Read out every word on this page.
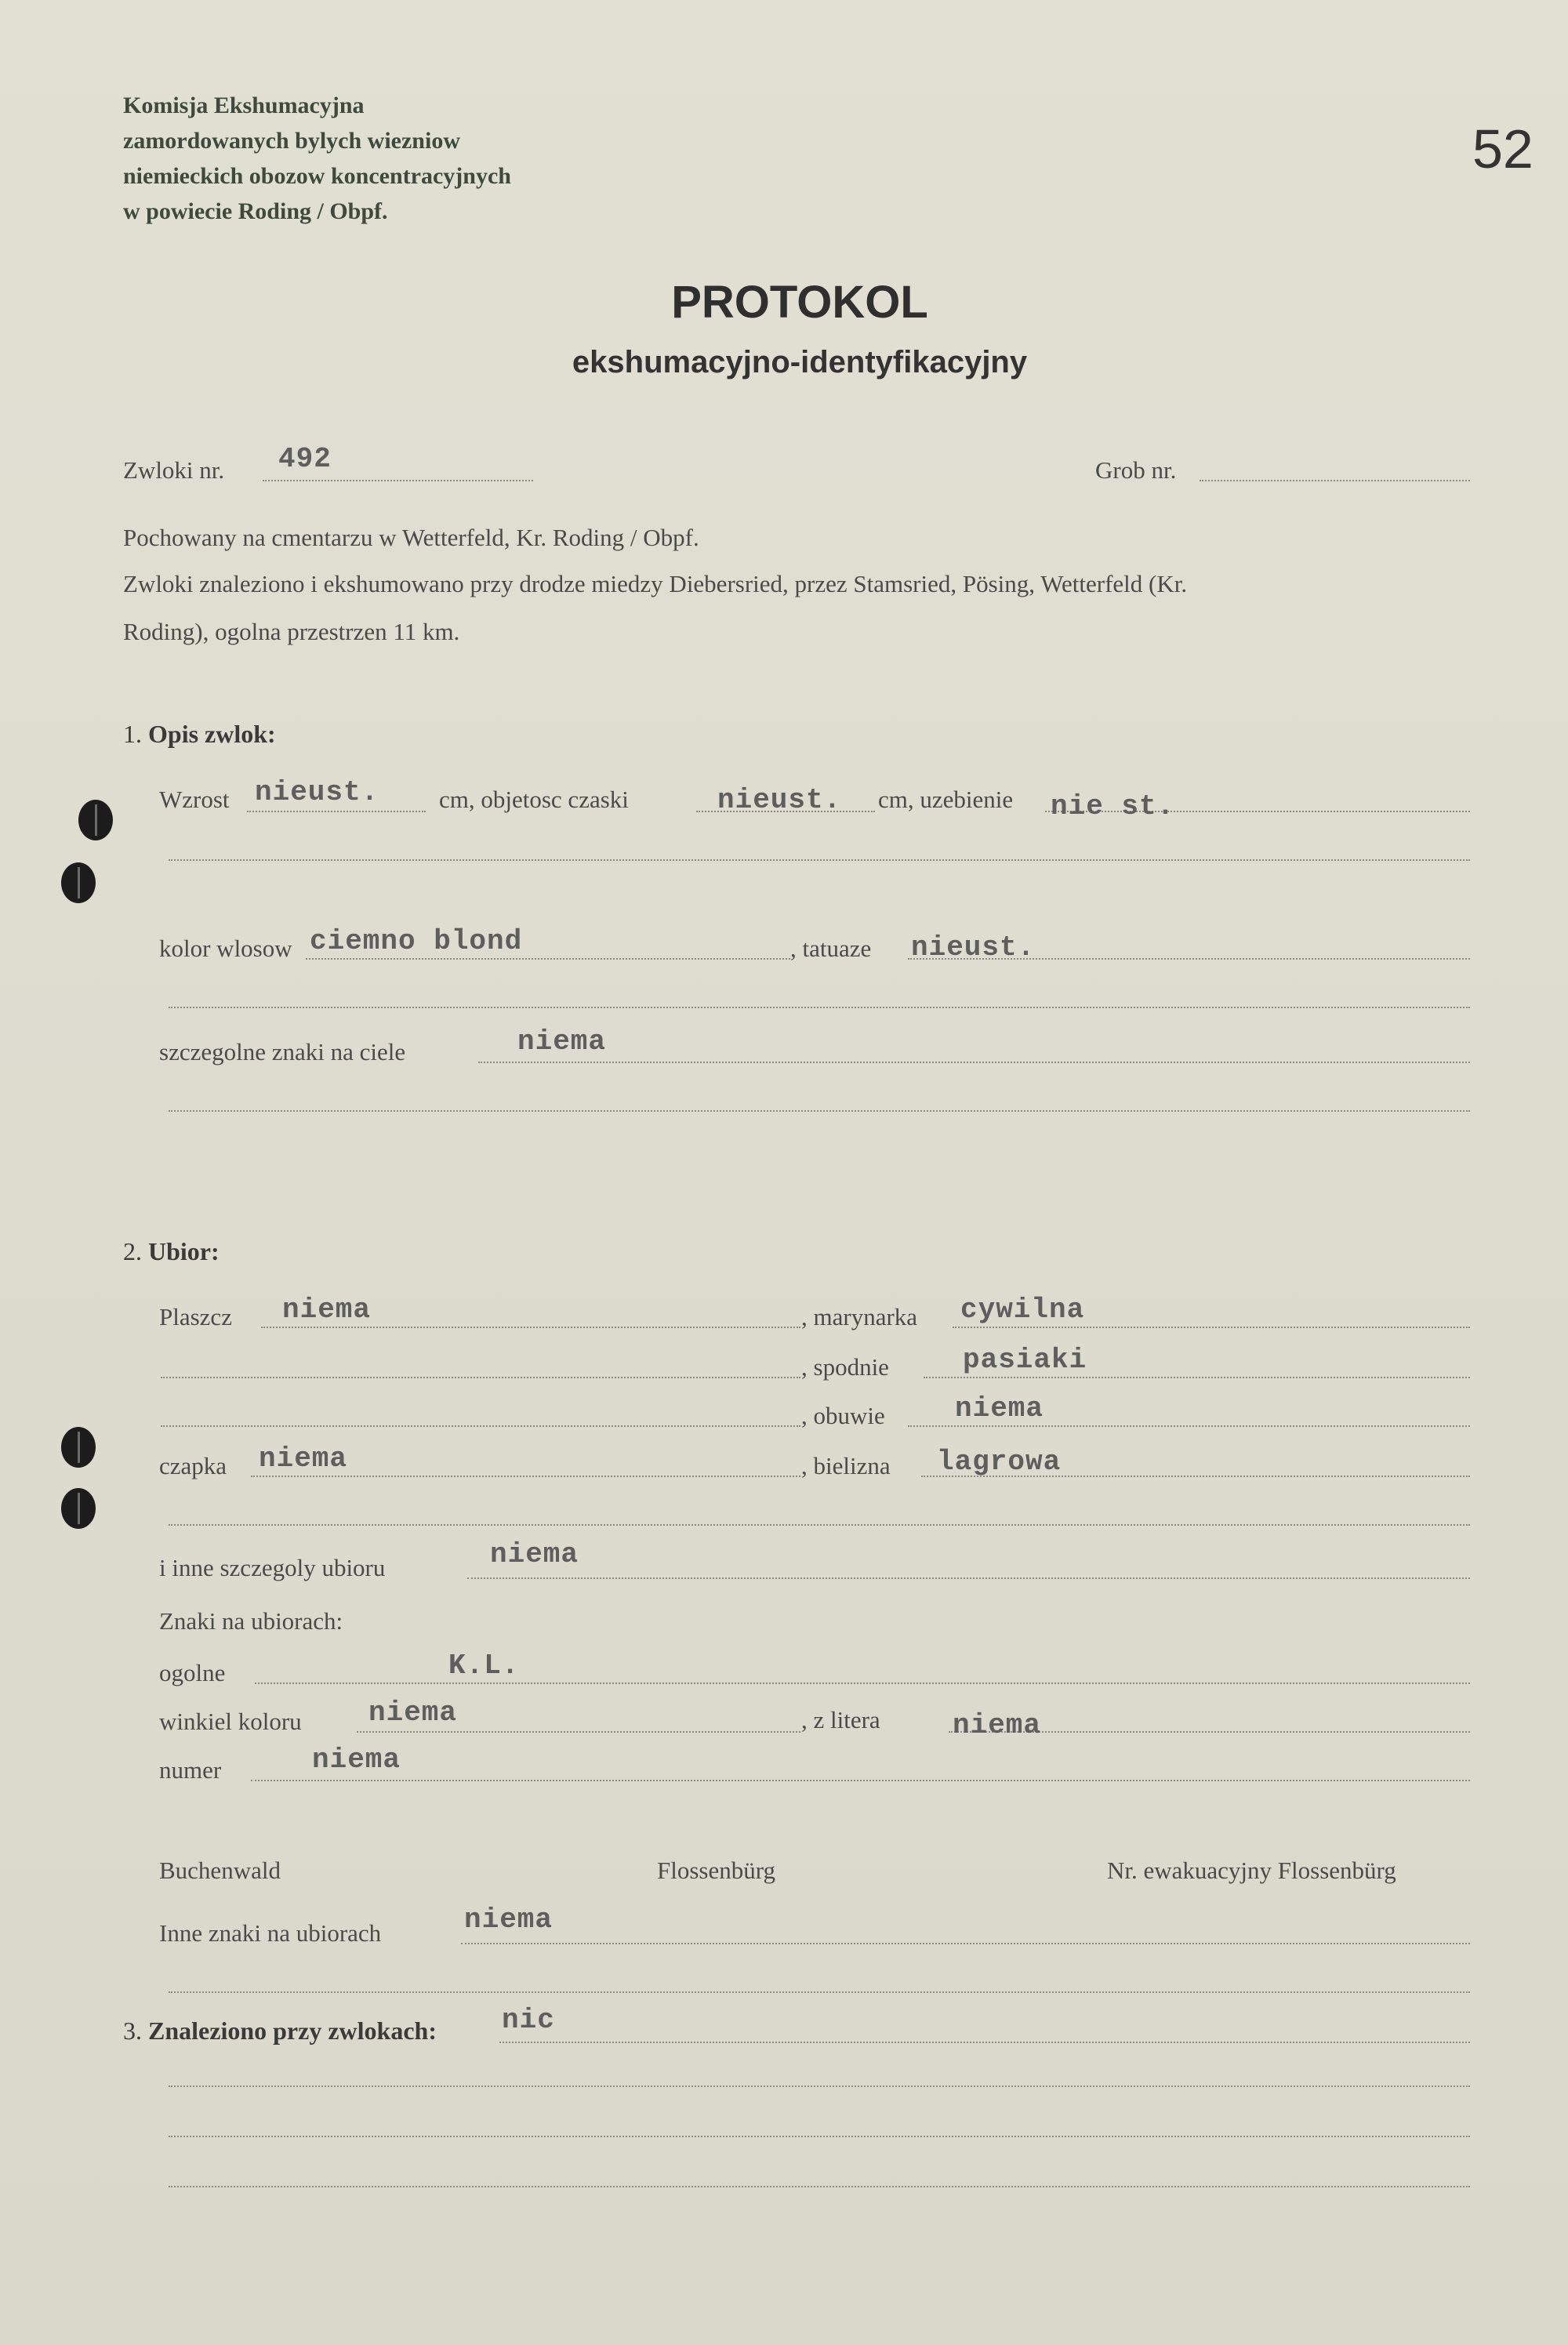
Komisja Ekshumacyjna
zamordowanych bylych wiezniow
niemieckich obozow koncentracyjnych
w powiecie Roding / Obpf.
52
PROTOKOL
ekshumacyjno-identyfikacyjny
Zwloki nr. 492	Grob nr.
Pochowany na cmentarzu w Wetterfeld, Kr. Roding / Obpf.
Zwloki znaleziono i ekshumowano przy drodze miedzy Diebersried, przez Stamsried, Pösing, Wetterfeld (Kr.
Roding), ogolna przestrzen 11 km.
1. Opis zwlok:
Wzrost nieust. cm, objetosc czaski	nieust. cm, uzebienie nie st.
kolor wlosow ciemno blond	, tatuaze nieust.
szczegolne znaki na ciele	niema
2. Ubior:
Plaszcz niema	, marynarka cywilna
, spodnie	pasiaki
, obuwie niema
czapka niema	, bielizna lagrowa
i inne szczegoly ubioru	niema
Znaki na ubiorach:
ogolne	K.L.
winkiel koloru niema	, z litera	niema
numer	niema
Buchenwald	Flossenbürg	Nr. ewakuacyjny Flossenbürg
Inne znaki na ubiorach	niema
3. Znaleziono przy zwlokach: nic
